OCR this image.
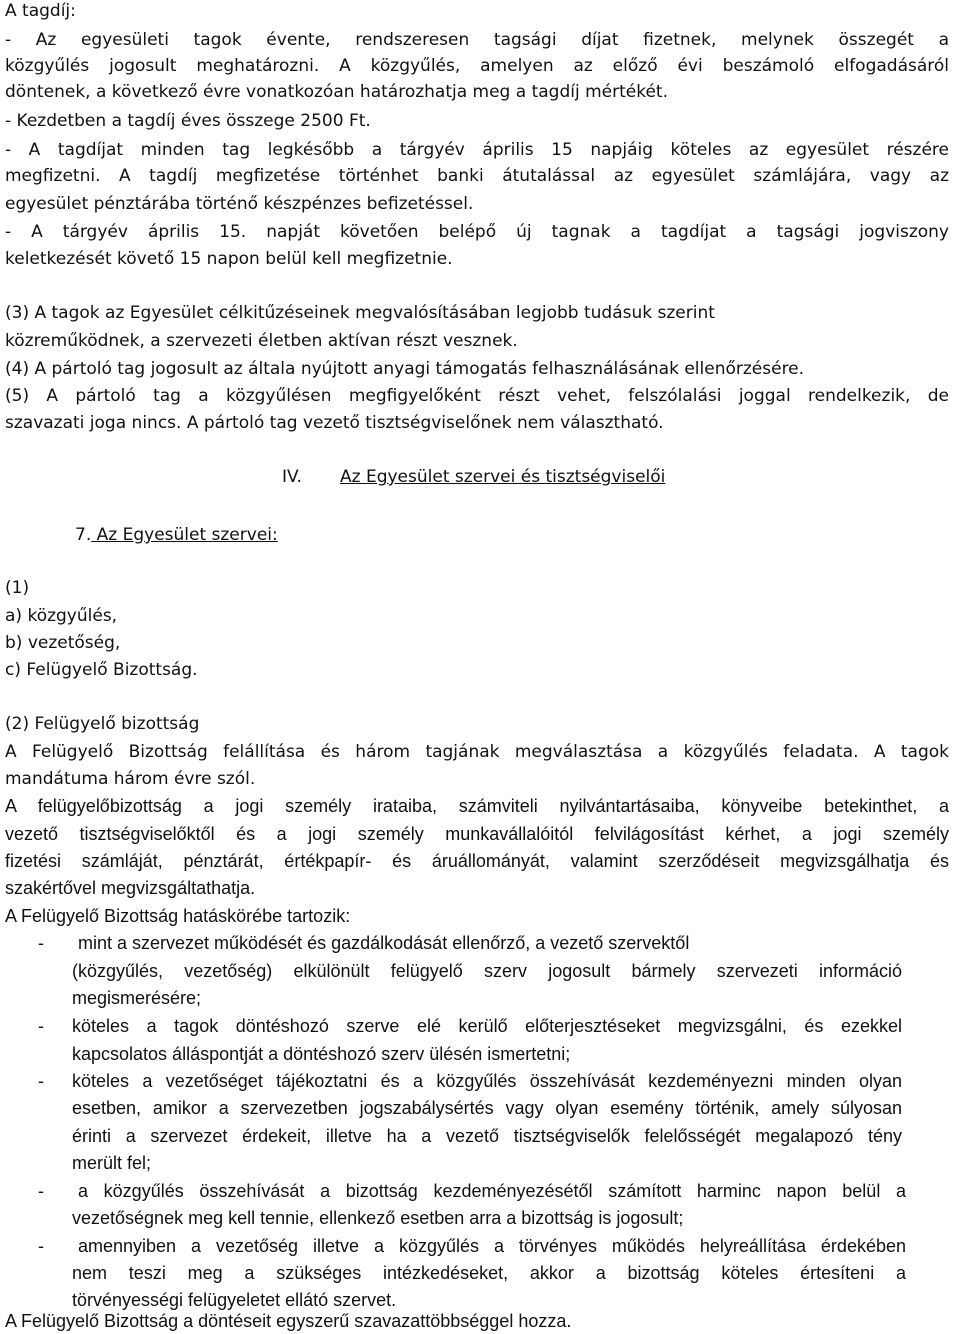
A tagdíj:
- Az egyesületi tagok évente, rendszeresen tagsági díjat fizetnek, melynek összegét a
közgyűlés jogosult meghatározni. A közgyűlés, amelyen az előző évi beszámoló elfogadásáról
döntenek, a következő évre vonatkozóan határozhatja meg a tagdíj mértékét.
- Kezdetben a tagdíj éves összege 2500 Ft.
- A tagdíjat minden tag legkésőbb a tárgyév április 15 napjáig köteles az egyesület részére
megfizetni. A tagdíj megfizetése történhet banki átutalással az egyesület számlájára, vagy az
egyesület pénztárába történő készpénzes befizetéssel.
- A tárgyév április 15. napját követően belépő új tagnak a tagdíjat a tagsági jogviszony
keletkezését követő 15 napon belül kell megfizetnie.
(3) A tagok az Egyesület célkitűzéseinek megvalósításában legjobb tudásuk szerint
közreműködnek, a szervezeti életben aktívan részt vesznek.
(4) A pártoló tag jogosult az általa nyújtott anyagi támogatás felhasználásának ellenőrzésére.
(5) A pártoló tag a közgyűlésen megfigyelőként részt vehet, felszólalási joggal rendelkezik, de
szavazati joga nincs. A pártoló tag vezető tisztségviselőnek nem választható.
IV. Az Egyesület szervei és tisztségviselői
7. Az Egyesület szervei:
(1)
a) közgyűlés,
b) vezetőség,
c) Felügyelő Bizottság.
(2) Felügyelő bizottság
A Felügyelő Bizottság felállítása és három tagjának megválasztása a közgyűlés feladata. A tagok
mandátuma három évre szól.
A felügyelőbizottság a jogi személy irataiba, számviteli nyilvántartásaiba, könyveibe betekinthet, a
vezető tisztségviselőktől és a jogi személy munkavállalóitól felvilágosítást kérhet, a jogi személy
fizetési számláját, pénztárát, értékpapír- és áruállományát, valamint szerződéseit megvizsgálhatja és
szakértővel megvizsgáltathatja.
A Felügyelő Bizottság hatáskörébe tartozik:
- mint a szervezet működését és gazdálkodását ellenőrző, a vezető szervektől
(közgyűlés, vezetőség) elkülönült felügyelő szerv jogosult bármely szervezeti információ
megismerésére;
- köteles a tagok döntéshozó szerve elé kerülő előterjesztéseket megvizsgálni, és ezekkel
kapcsolatos álláspontját a döntéshozó szerv ülésén ismertetni;
- köteles a vezetőséget tájékoztatni és a közgyűlés összehívását kezdeményezni minden olyan
esetben, amikor a szervezetben jogszabálysértés vagy olyan esemény történik, amely súlyosan
érinti a szervezet érdekeit, illetve ha a vezető tisztségviselők felelősségét megalapozó tény
merült fel;
- a közgyűlés összehívását a bizottság kezdeményezésétől számított harminc napon belül a
vezetőségnek meg kell tennie, ellenkező esetben arra a bizottság is jogosult;
- amennyiben a vezetőség illetve a közgyűlés a törvényes működés helyreállítása érdekében
nem teszi meg a szükséges intézkedéseket, akkor a bizottság köteles értesíteni a
törvényességi felügyeletet ellátó szervet.
A Felügyelő Bizottság a döntéseit egyszerű szavazattöbbséggel hozza.
